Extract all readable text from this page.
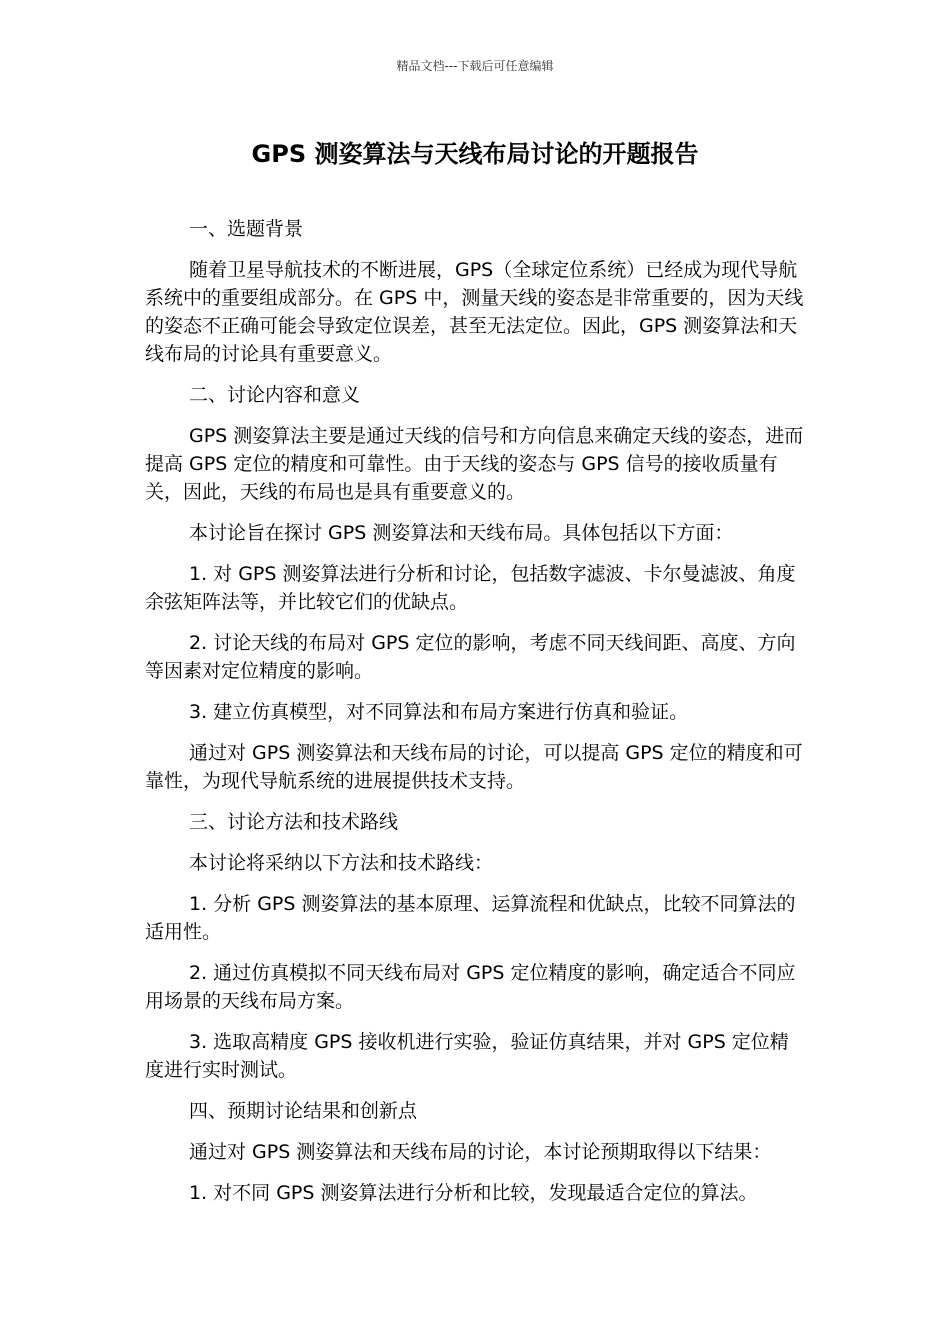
精品文档---下载后可任意编辑
GPS 测姿算法与天线布局讨论的开题报告

一、选题背景

随着卫星导航技术的不断进展，GPS（全球定位系统）已经成为现代导航系统中的重要组成部分。在 GPS 中，测量天线的姿态是非常重要的，因为天线的姿态不正确可能会导致定位误差，甚至无法定位。因此，GPS 测姿算法和天线布局的讨论具有重要意义。

二、讨论内容和意义

GPS 测姿算法主要是通过天线的信号和方向信息来确定天线的姿态，进而提高 GPS 定位的精度和可靠性。由于天线的姿态与 GPS 信号的接收质量有关，因此，天线的布局也是具有重要意义的。

本讨论旨在探讨 GPS 测姿算法和天线布局。具体包括以下方面：

1. 对 GPS 测姿算法进行分析和讨论，包括数字滤波、卡尔曼滤波、角度余弦矩阵法等，并比较它们的优缺点。

2. 讨论天线的布局对 GPS 定位的影响，考虑不同天线间距、高度、方向等因素对定位精度的影响。

3. 建立仿真模型，对不同算法和布局方案进行仿真和验证。

通过对 GPS 测姿算法和天线布局的讨论，可以提高 GPS 定位的精度和可靠性，为现代导航系统的进展提供技术支持。

三、讨论方法和技术路线

本讨论将采纳以下方法和技术路线：

1. 分析 GPS 测姿算法的基本原理、运算流程和优缺点，比较不同算法的适用性。

2. 通过仿真模拟不同天线布局对 GPS 定位精度的影响，确定适合不同应用场景的天线布局方案。

3. 选取高精度 GPS 接收机进行实验，验证仿真结果，并对 GPS 定位精度进行实时测试。

四、预期讨论结果和创新点

通过对 GPS 测姿算法和天线布局的讨论，本讨论预期取得以下结果：

1. 对不同 GPS 测姿算法进行分析和比较，发现最适合定位的算法。
